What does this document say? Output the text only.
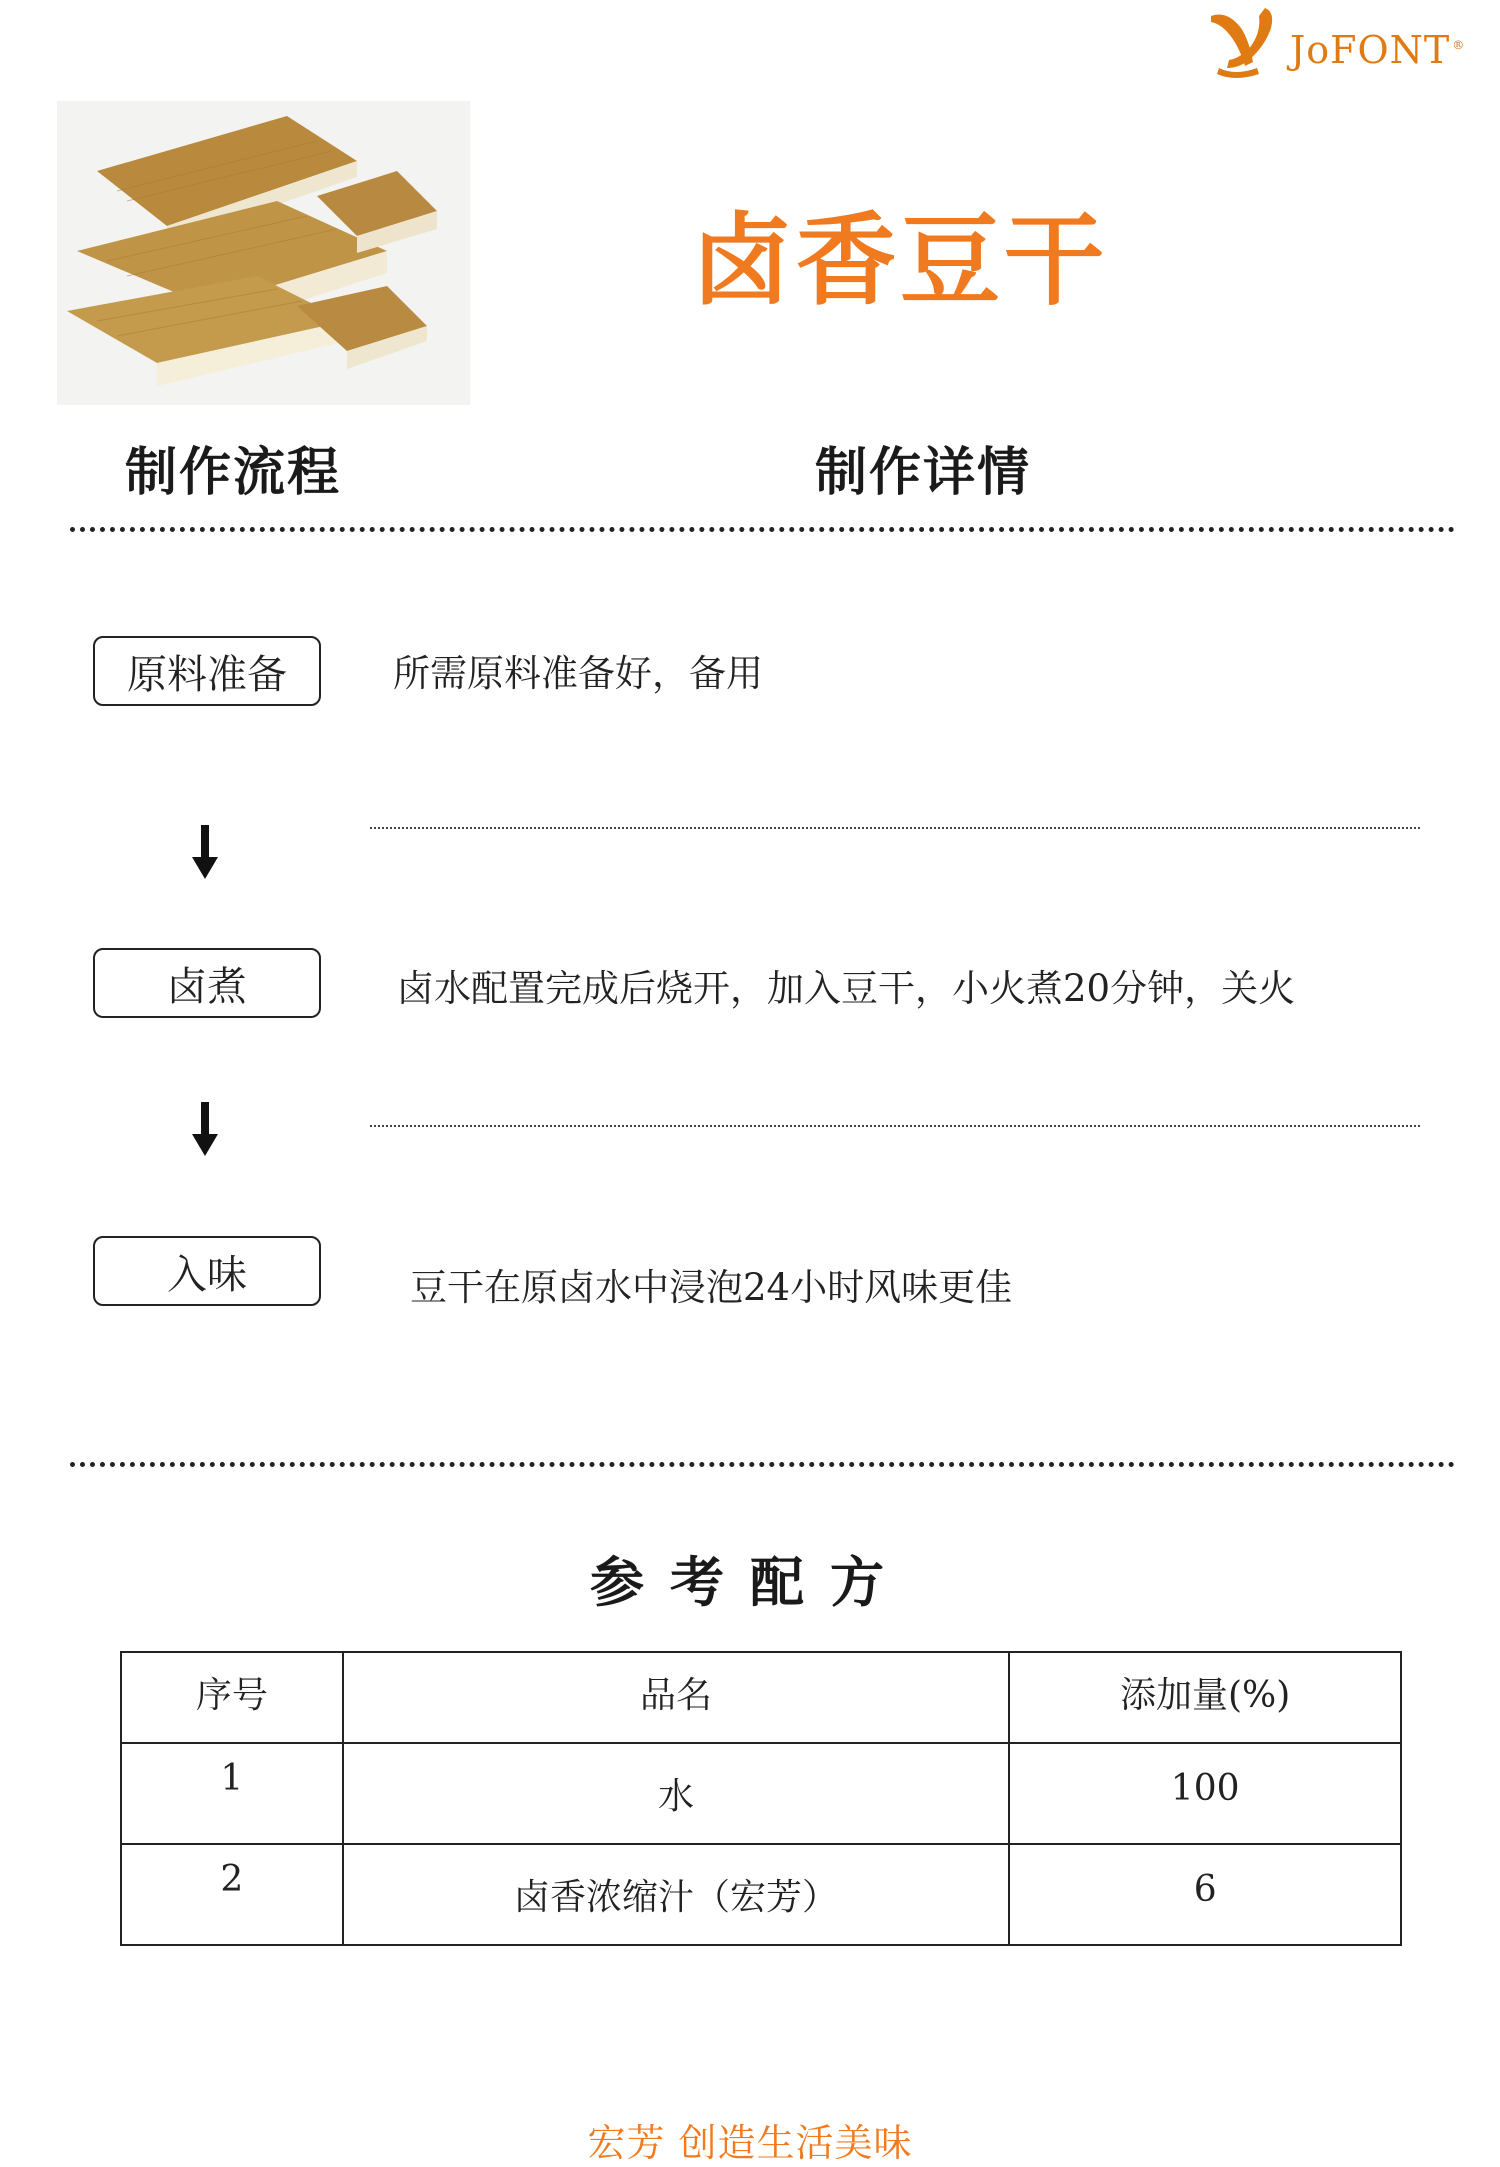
JoFONT ®
卤香豆干
制作流程	制作详情
原料准备	所需原料准备好，备用
卤煮	卤水配置完成后烧开，加入豆干，小火煮20分钟，关火
入味	豆干在原卤水中浸泡24小时风味更佳
参考配方
序号	品名	添加量(%)
1	水	100
2	卤香浓缩汁（宏芳）	6
宏芳 创造生活美味
